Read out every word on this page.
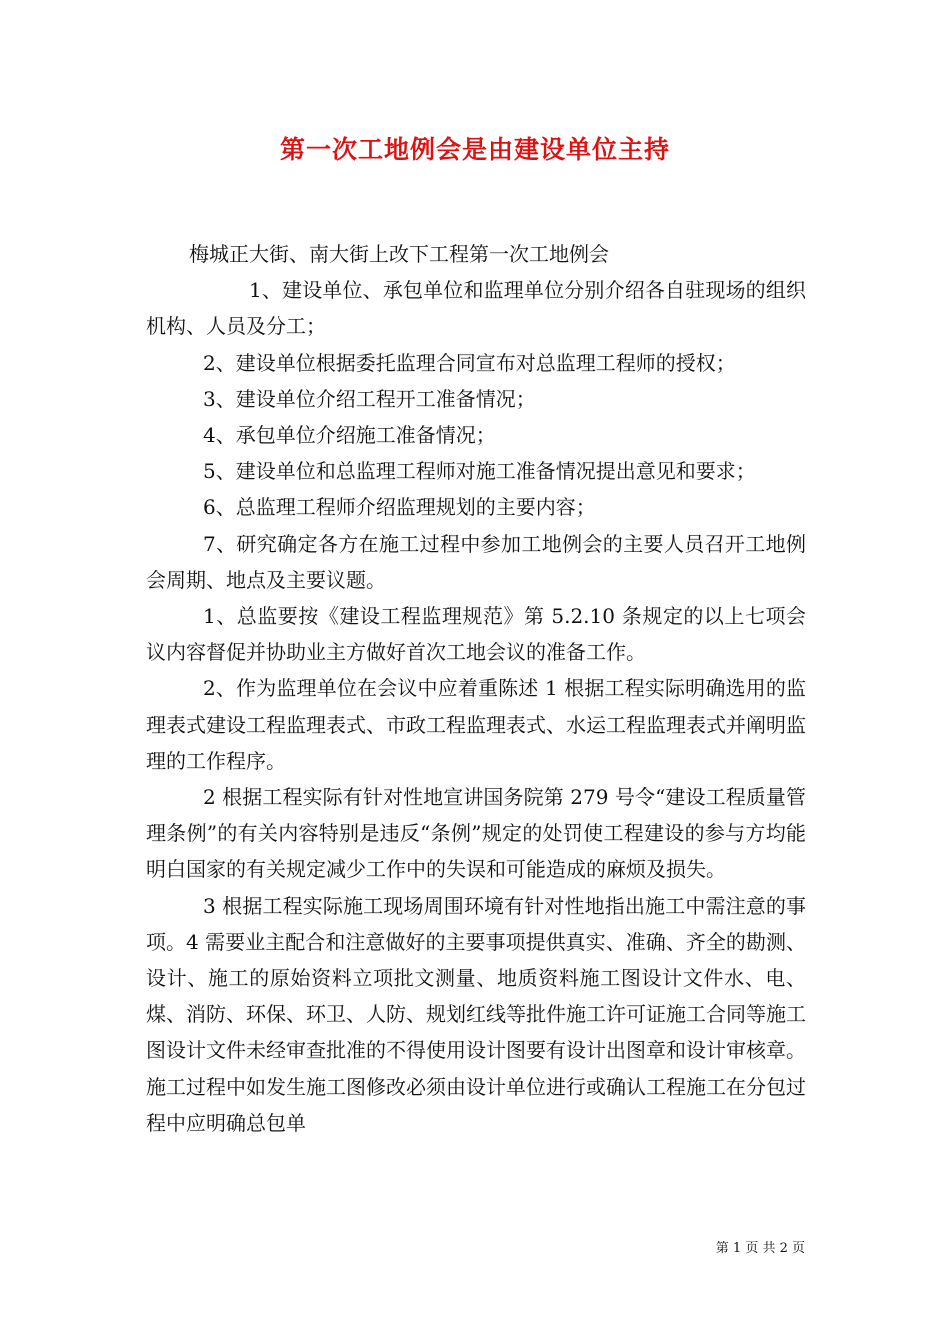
第一次工地例会是由建设单位主持

梅城正大街、南大街上改下工程第一次工地例会

1、建设单位、承包单位和监理单位分别介绍各自驻现场的组织机构、人员及分工；

2、建设单位根据委托监理合同宣布对总监理工程师的授权；

3、建设单位介绍工程开工准备情况；

4、承包单位介绍施工准备情况；

5、建设单位和总监理工程师对施工准备情况提出意见和要求；

6、总监理工程师介绍监理规划的主要内容；

7、研究确定各方在施工过程中参加工地例会的主要人员召开工地例会周期、地点及主要议题。

1、总监要按《建设工程监理规范》第 5.2.10 条规定的以上七项会议内容督促并协助业主方做好首次工地会议的准备工作。

2、作为监理单位在会议中应着重陈述 1 根据工程实际明确选用的监理表式建设工程监理表式、市政工程监理表式、水运工程监理表式并阐明监理的工作程序。

2 根据工程实际有针对性地宣讲国务院第 279 号令“建设工程质量管理条例”的有关内容特别是违反“条例”规定的处罚使工程建设的参与方均能明白国家的有关规定减少工作中的失误和可能造成的麻烦及损失。

3 根据工程实际施工现场周围环境有针对性地指出施工中需注意的事项。4 需要业主配合和注意做好的主要事项提供真实、准确、齐全的勘测、设计、施工的原始资料立项批文测量、地质资料施工图设计文件水、电、煤、消防、环保、环卫、人防、规划红线等批件施工许可证施工合同等施工图设计文件未经审查批准的不得使用设计图要有设计出图章和设计审核章。施工过程中如发生施工图修改必须由设计单位进行或确认工程施工在分包过程中应明确总包单

第 1 页 共 2 页
